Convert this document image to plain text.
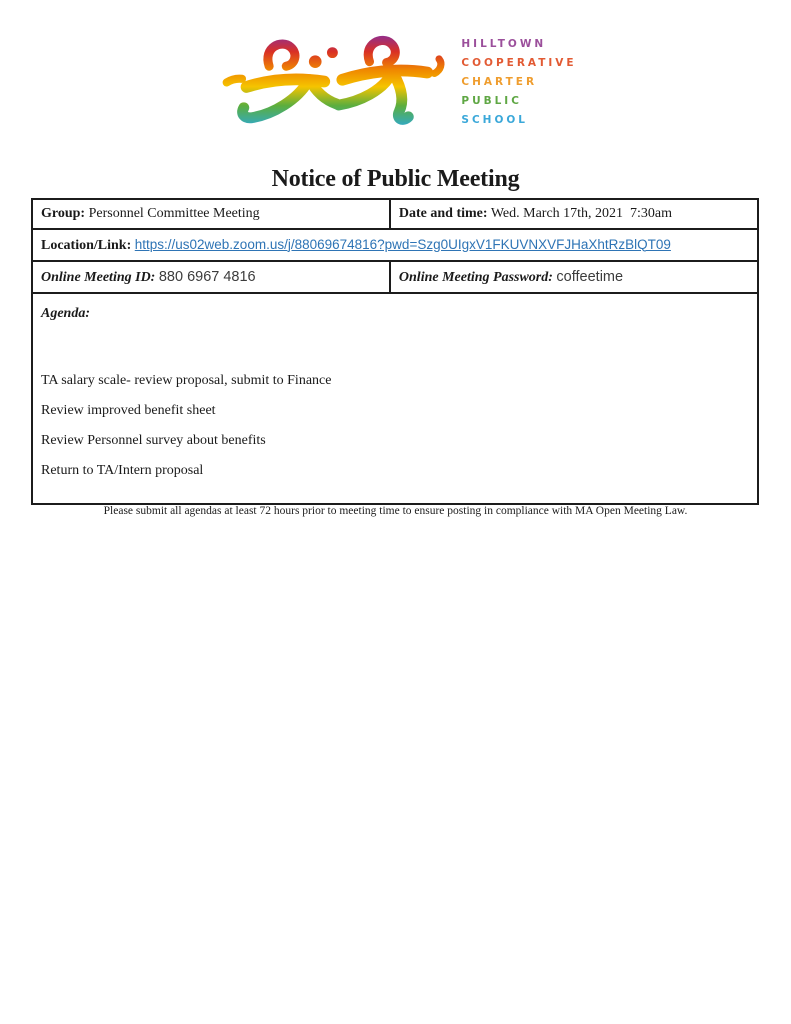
HILLTOWN
COOPERATIVE
CHARTER
PUBLIC
SCHOOL
Notice of Public Meeting
Group: Personnel Committee Meeting	Date and time: Wed. March 17th, 2021  7:30am
Location/Link: https://us02web.zoom.us/j/88069674816?pwd=Szg0UIgxV1FKUVNXVFJHaXhtRzBlQT09	
Online Meeting ID: 880 6967 4816	Online Meeting Password: coffeetime

Agenda:

TA salary scale- review proposal, submit to Finance

Review improved benefit sheet

Review Personnel survey about benefits

Return to TA/Intern proposal	

Please submit all agendas at least 72 hours prior to meeting time to ensure posting in compliance with MA Open Meeting Law.
